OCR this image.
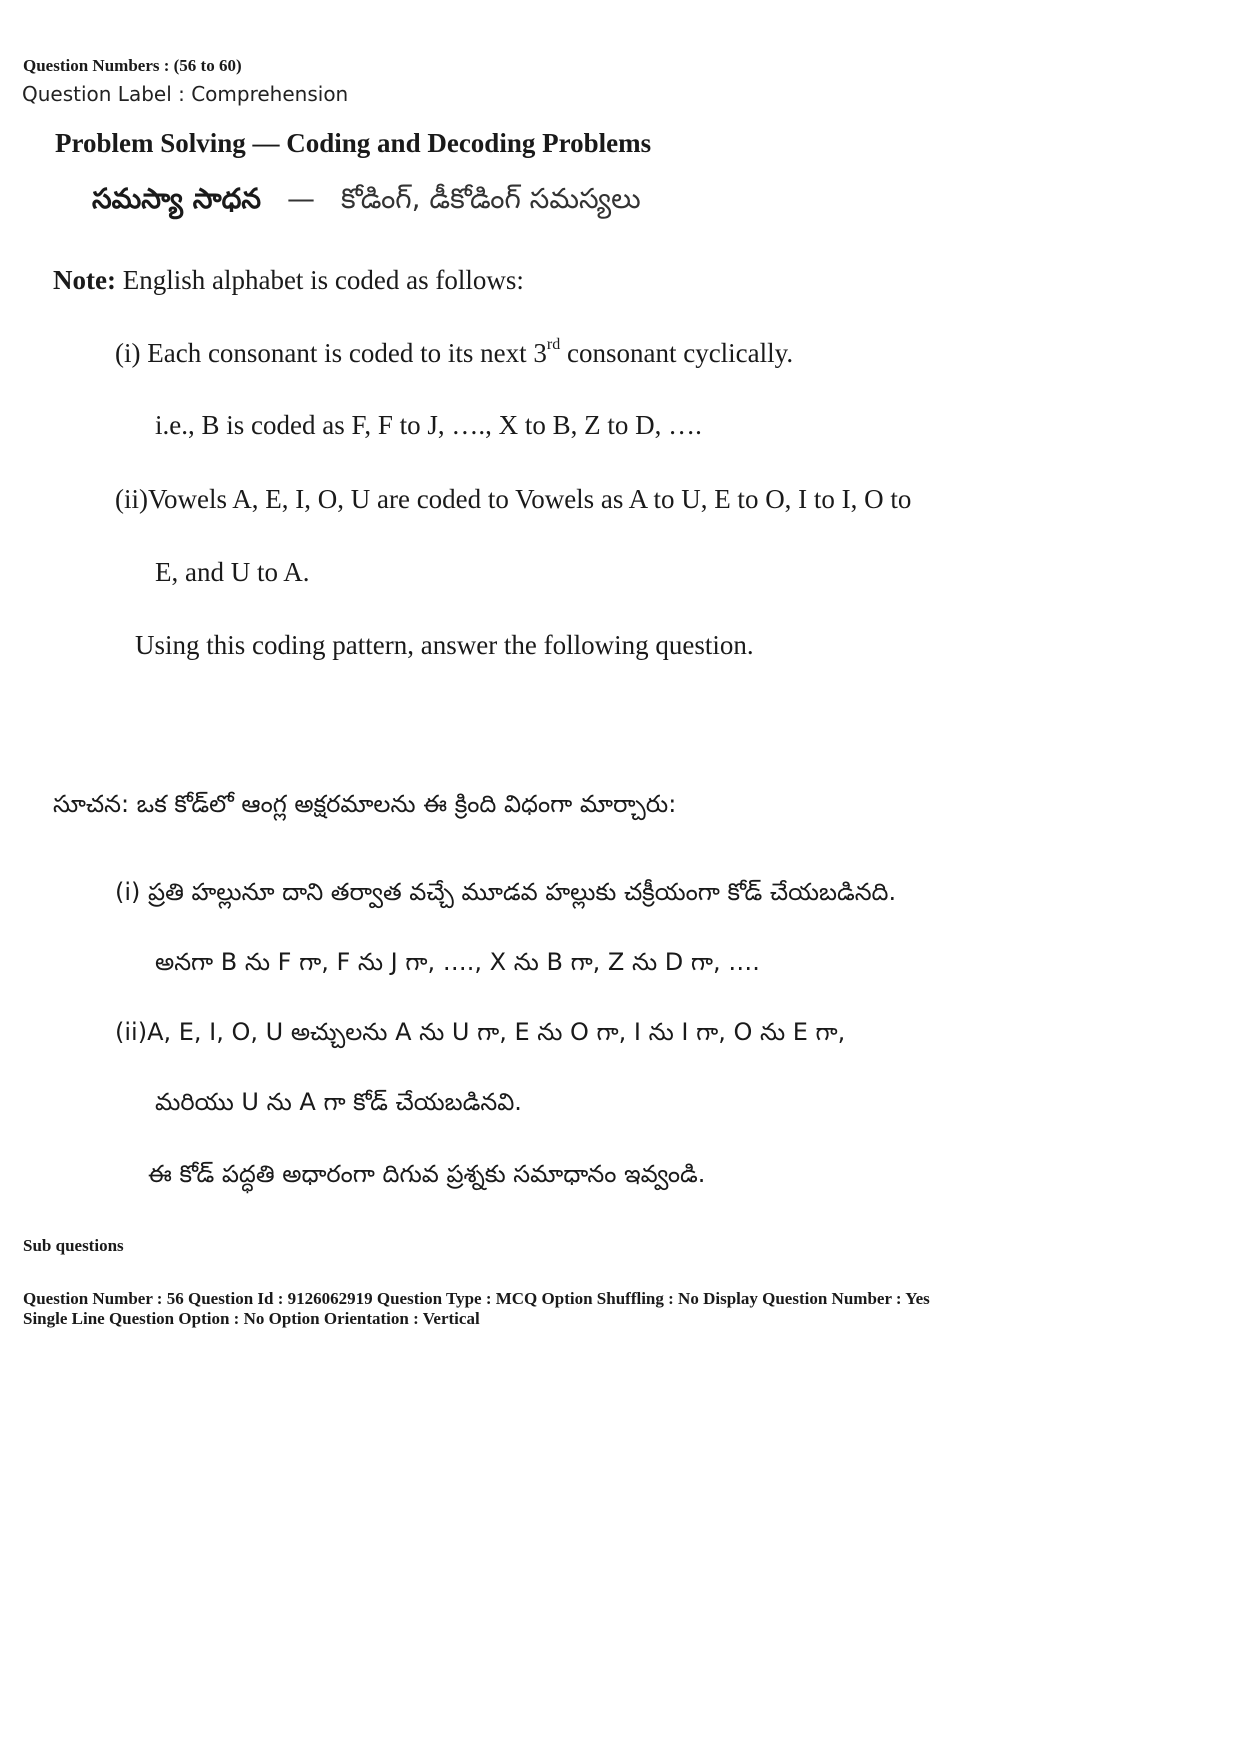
Question Numbers : (56 to 60)
Question Label : Comprehension
Problem Solving — Coding and Decoding Problems
సమస్యా సాధన — కోడింగ్, డీకోడింగ్ సమస్యలు
Note: English alphabet is coded as follows:
(i) Each consonant is coded to its next 3rd consonant cyclically.
i.e., B is coded as F, F to J, …., X to B, Z to D, ….
(ii)Vowels A, E, I, O, U are coded to Vowels as A to U, E to O, I to I, O to
E, and U to A.
Using this coding pattern, answer the following question.
సూచన: ఒక కోడ్‌లో ఆంగ్ల అక్షరమాలను ఈ క్రింది విధంగా మార్చారు:
(i) ప్రతి హల్లునూ దాని తర్వాత వచ్చే మూడవ హల్లుకు చక్రీయంగా కోడ్ చేయబడినది.
అనగా B ను F గా, F ను J గా, …., X ను B గా, Z ను D గా, ….
(ii)A, E, I, O, U అచ్చులను A ను U గా, E ను O గా, I ను I గా, O ను E గా,
మరియు U ను A గా కోడ్ చేయబడినవి.
ఈ కోడ్ పద్ధతి అధారంగా దిగువ ప్రశ్నకు సమాధానం ఇవ్వండి.
Sub questions
Question Number : 56 Question Id : 9126062919 Question Type : MCQ Option Shuffling : No Display Question Number : Yes
Single Line Question Option : No Option Orientation : Vertical
